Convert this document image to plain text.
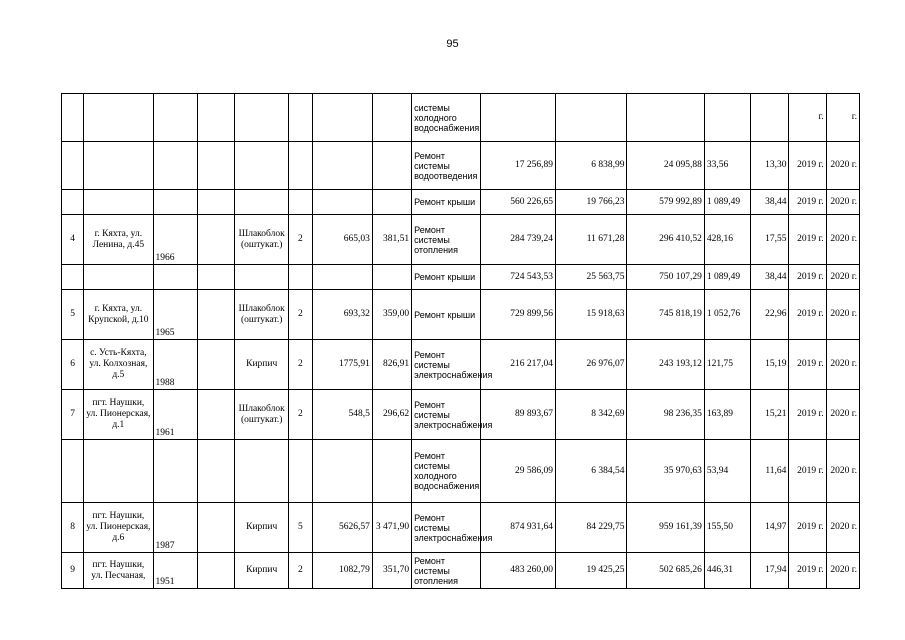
95
								системы холодного водоснабжения						г.	г.
								Ремонт системы водоотведения	17 256,89	6 838,99	24 095,88	33,56	13,30	2019 г.	2020 г.
								Ремонт крыши	560 226,65	19 766,23	579 992,89	1 089,49	38,44	2019 г.	2020 г.
4	г. Кяхта, ул. Ленина, д.45	1966		Шлакоблок (оштукат.)	2	665,03	381,51	Ремонт системы отопления	284 739,24	11 671,28	296 410,52	428,16	17,55	2019 г.	2020 г.
								Ремонт крыши	724 543,53	25 563,75	750 107,29	1 089,49	38,44	2019 г.	2020 г.
5	г. Кяхта, ул. Крупской, д.10	1965		Шлакоблок (оштукат.)	2	693,32	359,00	Ремонт крыши	729 899,56	15 918,63	745 818,19	1 052,76	22,96	2019 г.	2020 г.
6	с. Усть-Кяхта, ул. Колхозная, д.5	1988		Кирпич	2	1775,91	826,91	Ремонт системы электроснабжения	216 217,04	26 976,07	243 193,12	121,75	15,19	2019 г.	2020 г.
7	пгт. Наушки, ул. Пионерская, д.1	1961		Шлакоблок (оштукат.)	2	548,5	296,62	Ремонт системы электроснабжения	89 893,67	8 342,69	98 236,35	163,89	15,21	2019 г.	2020 г.
								Ремонт системы холодного водоснабжения	29 586,09	6 384,54	35 970,63	53,94	11,64	2019 г.	2020 г.
8	пгт. Наушки, ул. Пионерская, д.6	1987		Кирпич	5	5626,57	3 471,90	Ремонт системы электроснабжения	874 931,64	84 229,75	959 161,39	155,50	14,97	2019 г.	2020 г.
9	пгт. Наушки, ул. Песчаная,	1951		Кирпич	2	1082,79	351,70	Ремонт системы отопления	483 260,00	19 425,25	502 685,26	446,31	17,94	2019 г.	2020 г.
